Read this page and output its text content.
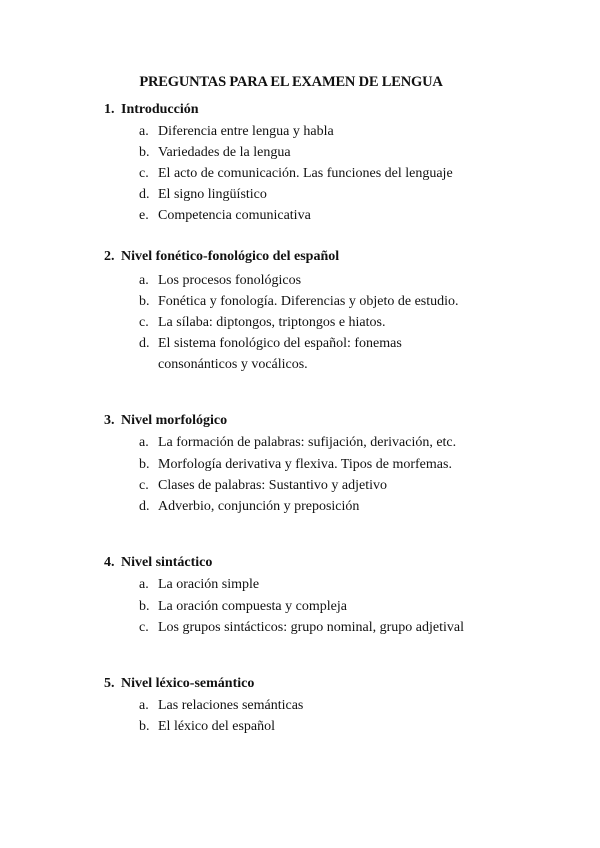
PREGUNTAS PARA EL EXAMEN DE LENGUA
1. Introducción
a. Diferencia entre lengua y habla
b. Variedades de la lengua
c. El acto de comunicación. Las funciones del lenguaje
d. El signo lingüístico
e. Competencia comunicativa
2. Nivel fonético-fonológico del español
a. Los procesos fonológicos
b. Fonética y fonología. Diferencias y objeto de estudio.
c. La sílaba: diptongos, triptongos e hiatos.
d. El sistema fonológico del español: fonemas consonánticos y vocálicos.
3. Nivel morfológico
a. La formación de palabras: sufijación, derivación, etc.
b. Morfología derivativa y flexiva. Tipos de morfemas.
c. Clases de palabras: Sustantivo y adjetivo
d. Adverbio, conjunción y preposición
4. Nivel sintáctico
a. La oración simple
b. La oración compuesta y compleja
c. Los grupos sintácticos: grupo nominal, grupo adjetival
5. Nivel léxico-semántico
a. Las relaciones semánticas
b. El léxico del español
